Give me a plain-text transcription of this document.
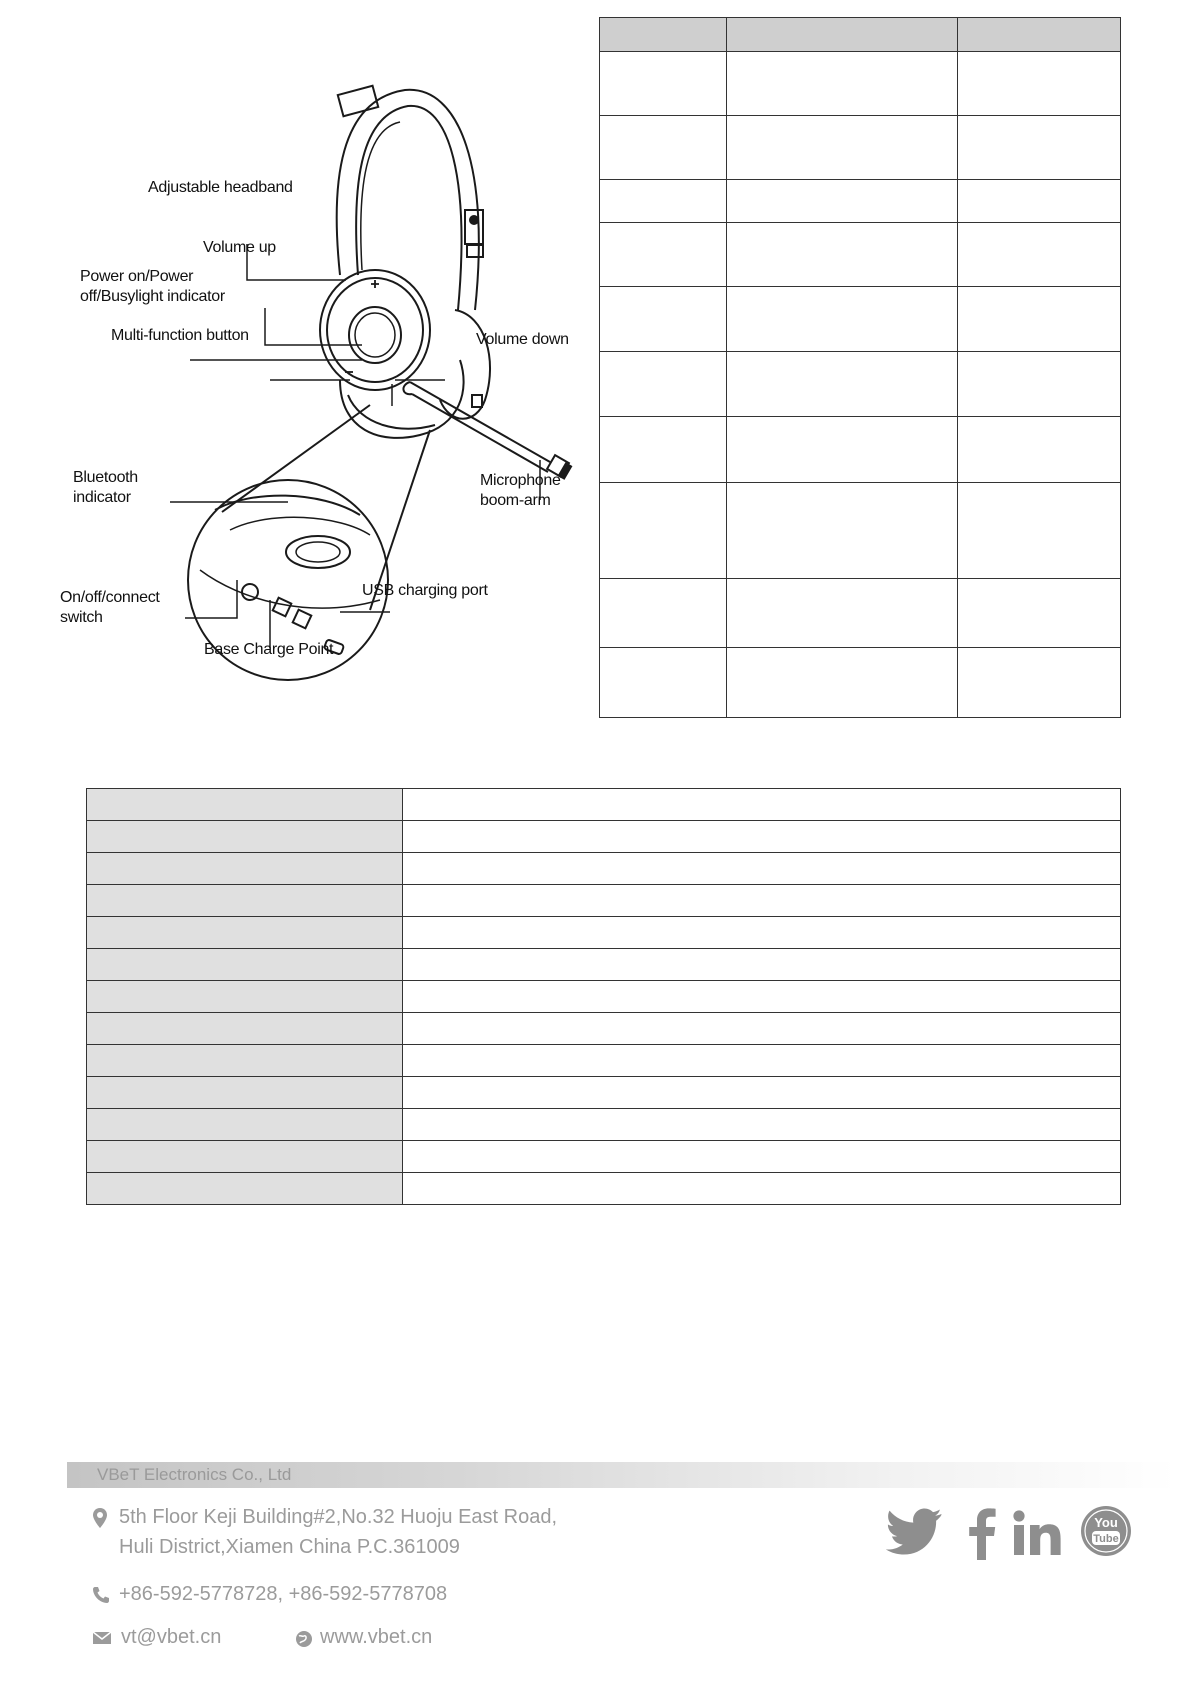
Adjustable headband
Volume up
Power on/Power
off/Busylight indicator
Multi-function button	Volume down
Bluetooth
indicator
Microphone
boom-arm
On/off/connect
switch
USB charging port
Base Charge Point

VBeT Electronics Co., Ltd
5th Floor Keji Building#2,No.32 Huoju East Road,
Huli District,Xiamen China P.C.361009
+86-592-5778728, +86-592-5778708
vt@vbet.cn	www.vbet.cn
You
Tube
